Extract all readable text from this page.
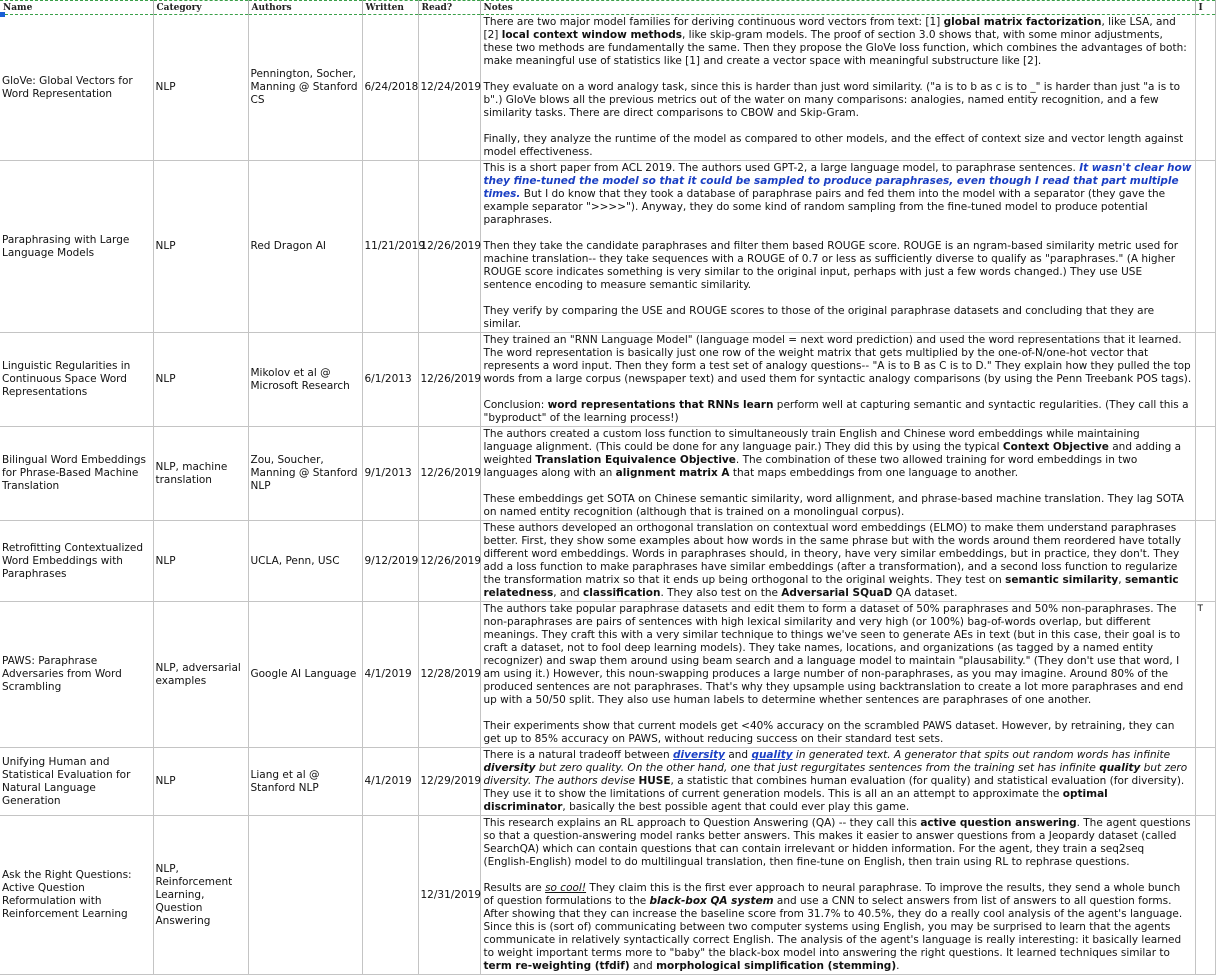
Name	Category	Authors	Written	Read?	Notes	I
GloVe: Global Vectors for Word Representation	NLP	Pennington, Socher, Manning @ Stanford CS	6/24/2018	12/24/2019	There are two major model families for deriving continuous word vectors from text: [1] global matrix factorization, like LSA, and [2] local context window methods, like skip-gram models. The proof of section 3.0 shows that, with some minor adjustments, these two methods are fundamentally the same. Then they propose the GloVe loss function, which combines the advantages of both: make meaningful use of statistics like [1] and create a vector space with meaningful substructure like [2].

They evaluate on a word analogy task, since this is harder than just word similarity. ("a is to b as c is to _" is harder than just "a is to b".) GloVe blows all the previous metrics out of the water on many comparisons: analogies, named entity recognition, and a few similarity tasks. There are direct comparisons to CBOW and Skip-Gram.

Finally, they analyze the runtime of the model as compared to other models, and the effect of context size and vector length against model effectiveness.	

Paraphrasing with Large Language Models	NLP	Red Dragon AI	11/21/2019	12/26/2019	This is a short paper from ACL 2019. The authors used GPT-2, a large language model, to paraphrase sentences. It wasn't clear how they fine-tuned the model so that it could be sampled to produce paraphrases, even though I read that part multiple times. But I do know that they took a database of paraphrase pairs and fed them into the model with a separator (they gave the example separator ">>>>"). Anyway, they do some kind of random sampling from the fine-tuned model to produce potential paraphrases.

Then they take the candidate paraphrases and filter them based ROUGE score. ROUGE is an ngram-based similarity metric used for machine translation-- they take sequences with a ROUGE of 0.7 or less as sufficiently diverse to qualify as "paraphrases." (A higher ROUGE score indicates something is very similar to the original input, perhaps with just a few words changed.) They use USE sentence encoding to measure semantic similarity.

They verify by comparing the USE and ROUGE scores to those of the original paraphrase datasets and concluding that they are similar.	

Linguistic Regularities in Continuous Space Word Representations	NLP	Mikolov et al @ Microsoft Research	6/1/2013	12/26/2019	They trained an "RNN Language Model" (language model = next word prediction) and used the word representations that it learned. The word representation is basically just one row of the weight matrix that gets multiplied by the one-of-N/one-hot vector that represents a word input. Then they form a test set of analogy questions-- "A is to B as C is to D." They explain how they pulled the top words from a large corpus (newspaper text) and used them for syntactic analogy comparisons (by using the Penn Treebank POS tags).

Conclusion: word representations that RNNs learn perform well at capturing semantic and syntactic regularities. (They call this a "byproduct" of the learning process!)	

Bilingual Word Embeddings for Phrase-Based Machine Translation	NLP, machine translation	Zou, Soucher, Manning @ Stanford NLP	9/1/2013	12/26/2019	The authors created a custom loss function to simultaneously train English and Chinese word embeddings while maintaining language alignment. (This could be done for any language pair.) They did this by using the typical Context Objective and adding a weighted Translation Equivalence Objective. The combination of these two allowed training for word embeddings in two languages along with an alignment matrix A that maps embeddings from one language to another.

These embeddings get SOTA on Chinese semantic similarity, word allignment, and phrase-based machine translation. They lag SOTA on named entity recognition (although that is trained on a monolingual corpus).	

Retrofitting Contextualized Word Embeddings with Paraphrases	NLP	UCLA, Penn, USC	9/12/2019	12/26/2019	These authors developed an orthogonal translation on contextual word embeddings (ELMO) to make them understand paraphrases better. First, they show some examples about how words in the same phrase but with the words around them reordered have totally different word embeddings. Words in paraphrases should, in theory, have very similar embeddings, but in practice, they don't. They add a loss function to make paraphrases have similar embeddings (after a transformation), and a second loss function to regularize the transformation matrix so that it ends up being orthogonal to the original weights. They test on semantic similarity, semantic relatedness, and classification. They also test on the Adversarial SQuaD QA dataset.	

PAWS: Paraphrase Adversaries from Word Scrambling	NLP, adversarial examples	Google AI Language	4/1/2019	12/28/2019	The authors take popular paraphrase datasets and edit them to form a dataset of 50% paraphrases and 50% non-paraphrases. The non-paraphrases are pairs of sentences with high lexical similarity and very high (or 100%) bag-of-words overlap, but different meanings. They craft this with a very similar technique to things we've seen to generate AEs in text (but in this case, their goal is to craft a dataset, not to fool deep learning models). They take names, locations, and organizations (as tagged by a named entity recognizer) and swap them around using beam search and a language model to maintain "plausability." (They don't use that word, I am using it.) However, this noun-swapping produces a large number of non-paraphrases, as you may imagine. Around 80% of the produced sentences are not paraphrases. That's why they upsample using backtranslation to create a lot more paraphrases and end up with a 50/50 split. They also use human labels to determine whether sentences are paraphrases of one another.

Their experiments show that current models get <40% accuracy on the scrambled PAWS dataset. However, by retraining, they can get up to 85% accuracy on PAWS, without reducing success on their standard test sets.	T
Unifying Human and Statistical Evaluation for Natural Language Generation	NLP	Liang et al @ Stanford NLP	4/1/2019	12/29/2019	There is a natural tradeoff between diversity and quality in generated text. A generator that spits out random words has infinite diversity but zero quality. On the other hand, one that just regurgitates sentences from the training set has infinite quality but zero diversity. The authors devise HUSE, a statistic that combines human evaluation (for quality) and statistical evaluation (for diversity). They use it to show the limitations of current generation models. This is all an an attempt to approximate the optimal discriminator, basically the best possible agent that could ever play this game.	

Ask the Right Questions: Active Question Reformulation with Reinforcement Learning	NLP, Reinforcement Learning, Question Answering			12/31/2019	This research explains an RL approach to Question Answering (QA) -- they call this active question answering. The agent questions so that a question-answering model ranks better answers. This makes it easier to answer questions from a Jeopardy dataset (called SearchQA) which can contain questions that can contain irrelevant or hidden information. For the agent, they train a seq2seq (English-English) model to do multilingual translation, then fine-tune on English, then train using RL to rephrase questions.

Results are so cool! They claim this is the first ever approach to neural paraphrase. To improve the results, they send a whole bunch of question formulations to the black-box QA system and use a CNN to select answers from list of answers to all question forms. After showing that they can increase the baseline score from 31.7% to 40.5%, they do a really cool analysis of the agent's language. Since this is (sort of) communicating between two computer systems using English, you may be surprised to learn that the agents communicate in relatively syntactically correct English. The analysis of the agent's language is really interesting: it basically learned to weight important terms more to "baby" the black-box model into answering the right questions. It learned techniques similar to term re-weighting (tfdif) and morphological simplification (stemming).	
